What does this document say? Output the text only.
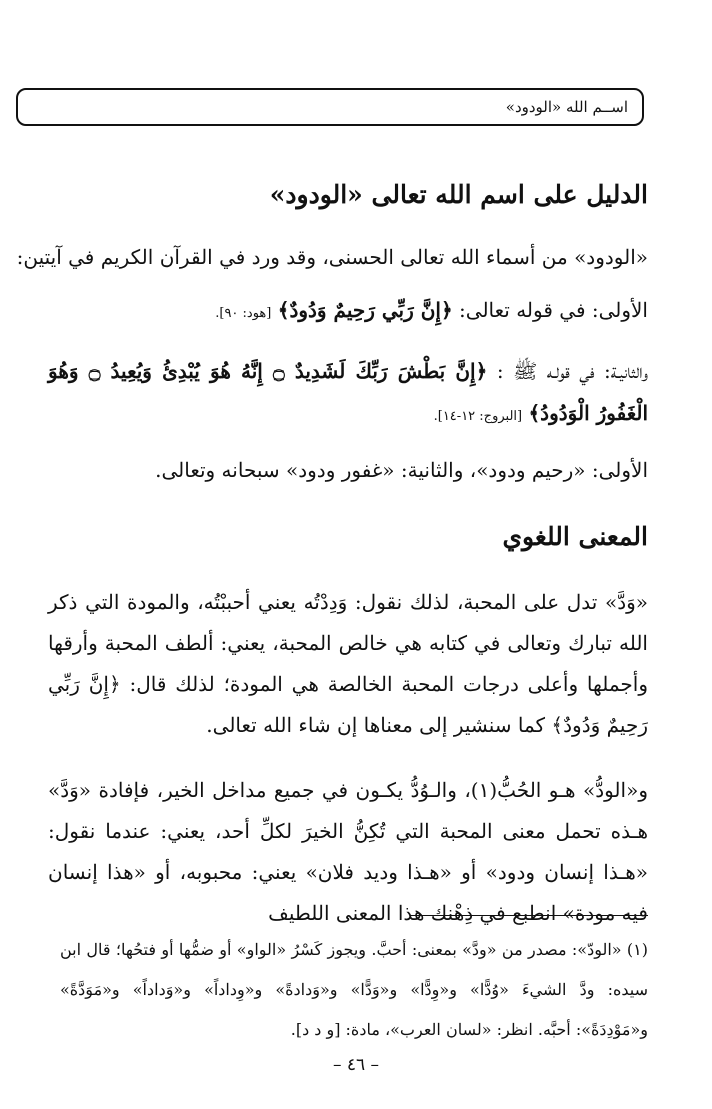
اســم الله «الودود»
الدليل على اسم الله تعالى «الودود»
«الودود» من أسماء الله تعالى الحسنى، وقد ورد في القرآن الكريم في آيتين:
الأولى: في قوله تعالى: ﴿إِنَّ رَبِّي رَحِيمٌ وَدُودٌ﴾ [هود: ٩٠].
والثانيـة: في قولـه ﷺ : ﴿إِنَّ بَطْشَ رَبِّكَ لَشَدِيدٌ ۝ إِنَّهُ هُوَ يُبْدِئُ وَيُعِيدُ ۝ وَهُوَ الْغَفُورُ الْوَدُودُ﴾ [البروج: ١٢-١٤].
الأولى: «رحيم ودود»، والثانية: «غفور ودود» سبحانه وتعالى.
المعنى اللغوي
«وَدَّ» تدل على المحبة، لذلك نقول: وَدِدْتُه يعني أحببْتُه، والمودة التي ذكر الله تبارك وتعالى في كتابه هي خالص المحبة، يعني: ألطف المحبة وأرقها وأجملها وأعلى درجات المحبة الخالصة هي المودة؛ لذلك قال: ﴿إِنَّ رَبِّي رَحِيمٌ وَدُودٌ﴾ كما سنشير إلى معناها إن شاء الله تعالى.
و«الودُّ» هـو الحُبُّ(١)، والـوُدُّ يكـون في جميع مداخل الخير، فإفادة «وَدَّ» هـذه تحمل معنى المحبة التي تُكِنُّ الخيرَ لكلِّ أحد، يعني: عندما نقول: «هـذا إنسان ودود» أو «هـذا وديد فلان» يعني: محبوبه، أو «هذا إنسان فيه مودة» انطبع في ذِهْنك هذا المعنى اللطيف
(١) «الودّ»: مصدر من «ودَّ» بمعنى: أحبَّ. ويجوز كَسْرُ «الواو» أو ضمُّها أو فتحُها؛ قال ابن سيده: ودَّ الشيءَ «وُدًّا» و«وِدًّا» و«وَدًّا» و«وَدادةً» و«وِداداً» و«وَداداً» و«مَوَدَّةً» و«مَوْدِدَةً»: أحبَّه. انظر: «لسان العرب»، مادة: [و د د].
– ٤٦ –
